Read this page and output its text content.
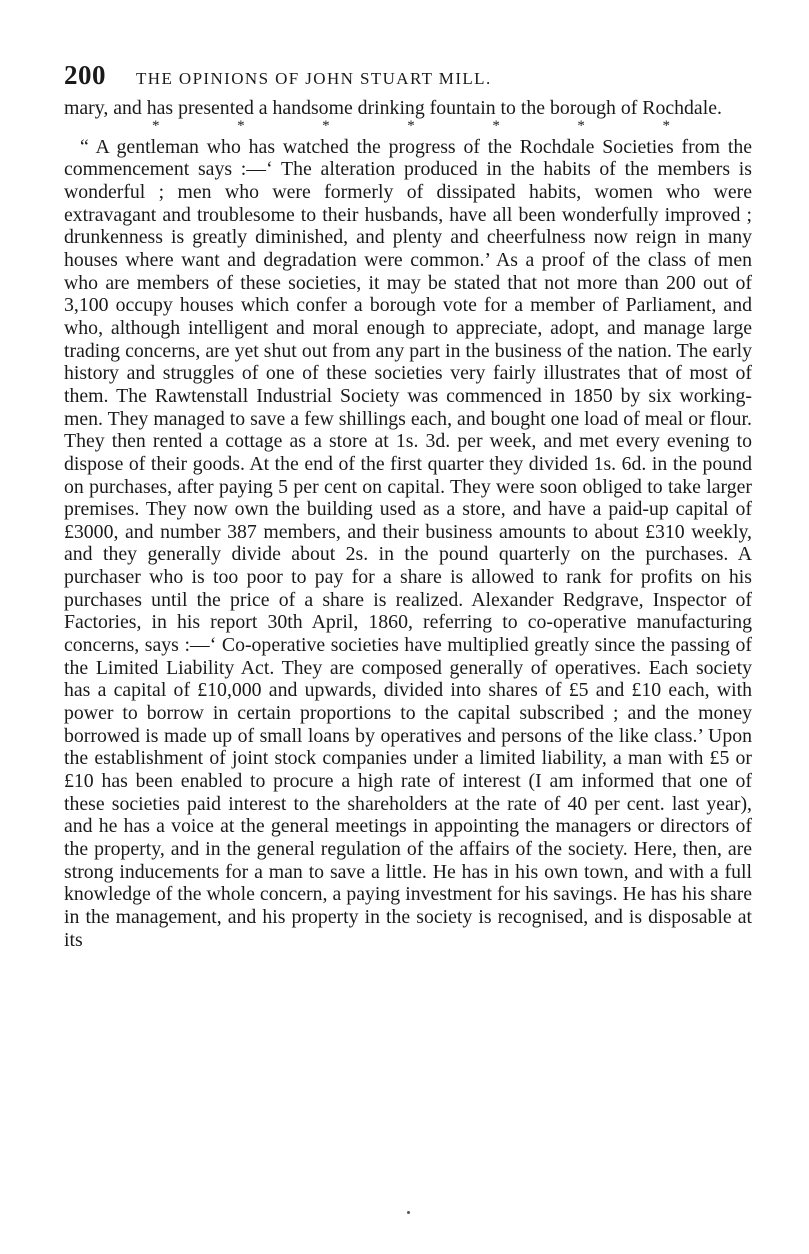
200 THE OPINIONS OF JOHN STUART MILL.

mary, and has presented a handsome drinking fountain to the borough of Rochdale.

*	*	*	*	*	*	*

“ A gentleman who has watched the progress of the Rochdale Societies from the commencement says :—‘ The alteration produced in the habits of the members is wonderful ; men who were formerly of dissipated habits, women who were extravagant and troublesome to their husbands, have all been wonderfully improved ; drunkenness is greatly diminished, and plenty and cheerfulness now reign in many houses where want and degradation were common.’ As a proof of the class of men who are members of these societies, it may be stated that not more than 200 out of 3,100 occupy houses which confer a borough vote for a member of Parliament, and who, although intelligent and moral enough to appreciate, adopt, and manage large trading concerns, are yet shut out from any part in the business of the nation. The early history and struggles of one of these societies very fairly illustrates that of most of them. The Rawtenstall Industrial Society was commenced in 1850 by six working-men. They managed to save a few shillings each, and bought one load of meal or flour. They then rented a cottage as a store at 1s. 3d. per week, and met every evening to dispose of their goods. At the end of the first quarter they divided 1s. 6d. in the pound on purchases, after paying 5 per cent on capital. They were soon obliged to take larger premises. They now own the building used as a store, and have a paid-up capital of £3000, and number 387 members, and their business amounts to about £310 weekly, and they generally divide about 2s. in the pound quarterly on the purchases. A purchaser who is too poor to pay for a share is allowed to rank for profits on his purchases until the price of a share is realized. Alexander Redgrave, Inspector of Factories, in his report 30th April, 1860, referring to co-operative manufacturing concerns, says :—‘ Co-operative societies have multiplied greatly since the passing of the Limited Liability Act. They are composed generally of operatives. Each society has a capital of £10,000 and upwards, divided into shares of £5 and £10 each, with power to borrow in certain proportions to the capital subscribed ; and the money borrowed is made up of small loans by operatives and persons of the like class.’ Upon the establishment of joint stock companies under a limited liability, a man with £5 or £10 has been enabled to procure a high rate of interest (I am informed that one of these societies paid interest to the shareholders at the rate of 40 per cent. last year), and he has a voice at the general meetings in appointing the managers or directors of the property, and in the general regulation of the affairs of the society. Here, then, are strong inducements for a man to save a little. He has in his own town, and with a full knowledge of the whole concern, a paying investment for his savings. He has his share in the management, and his property in the society is recognised, and is disposable at its
